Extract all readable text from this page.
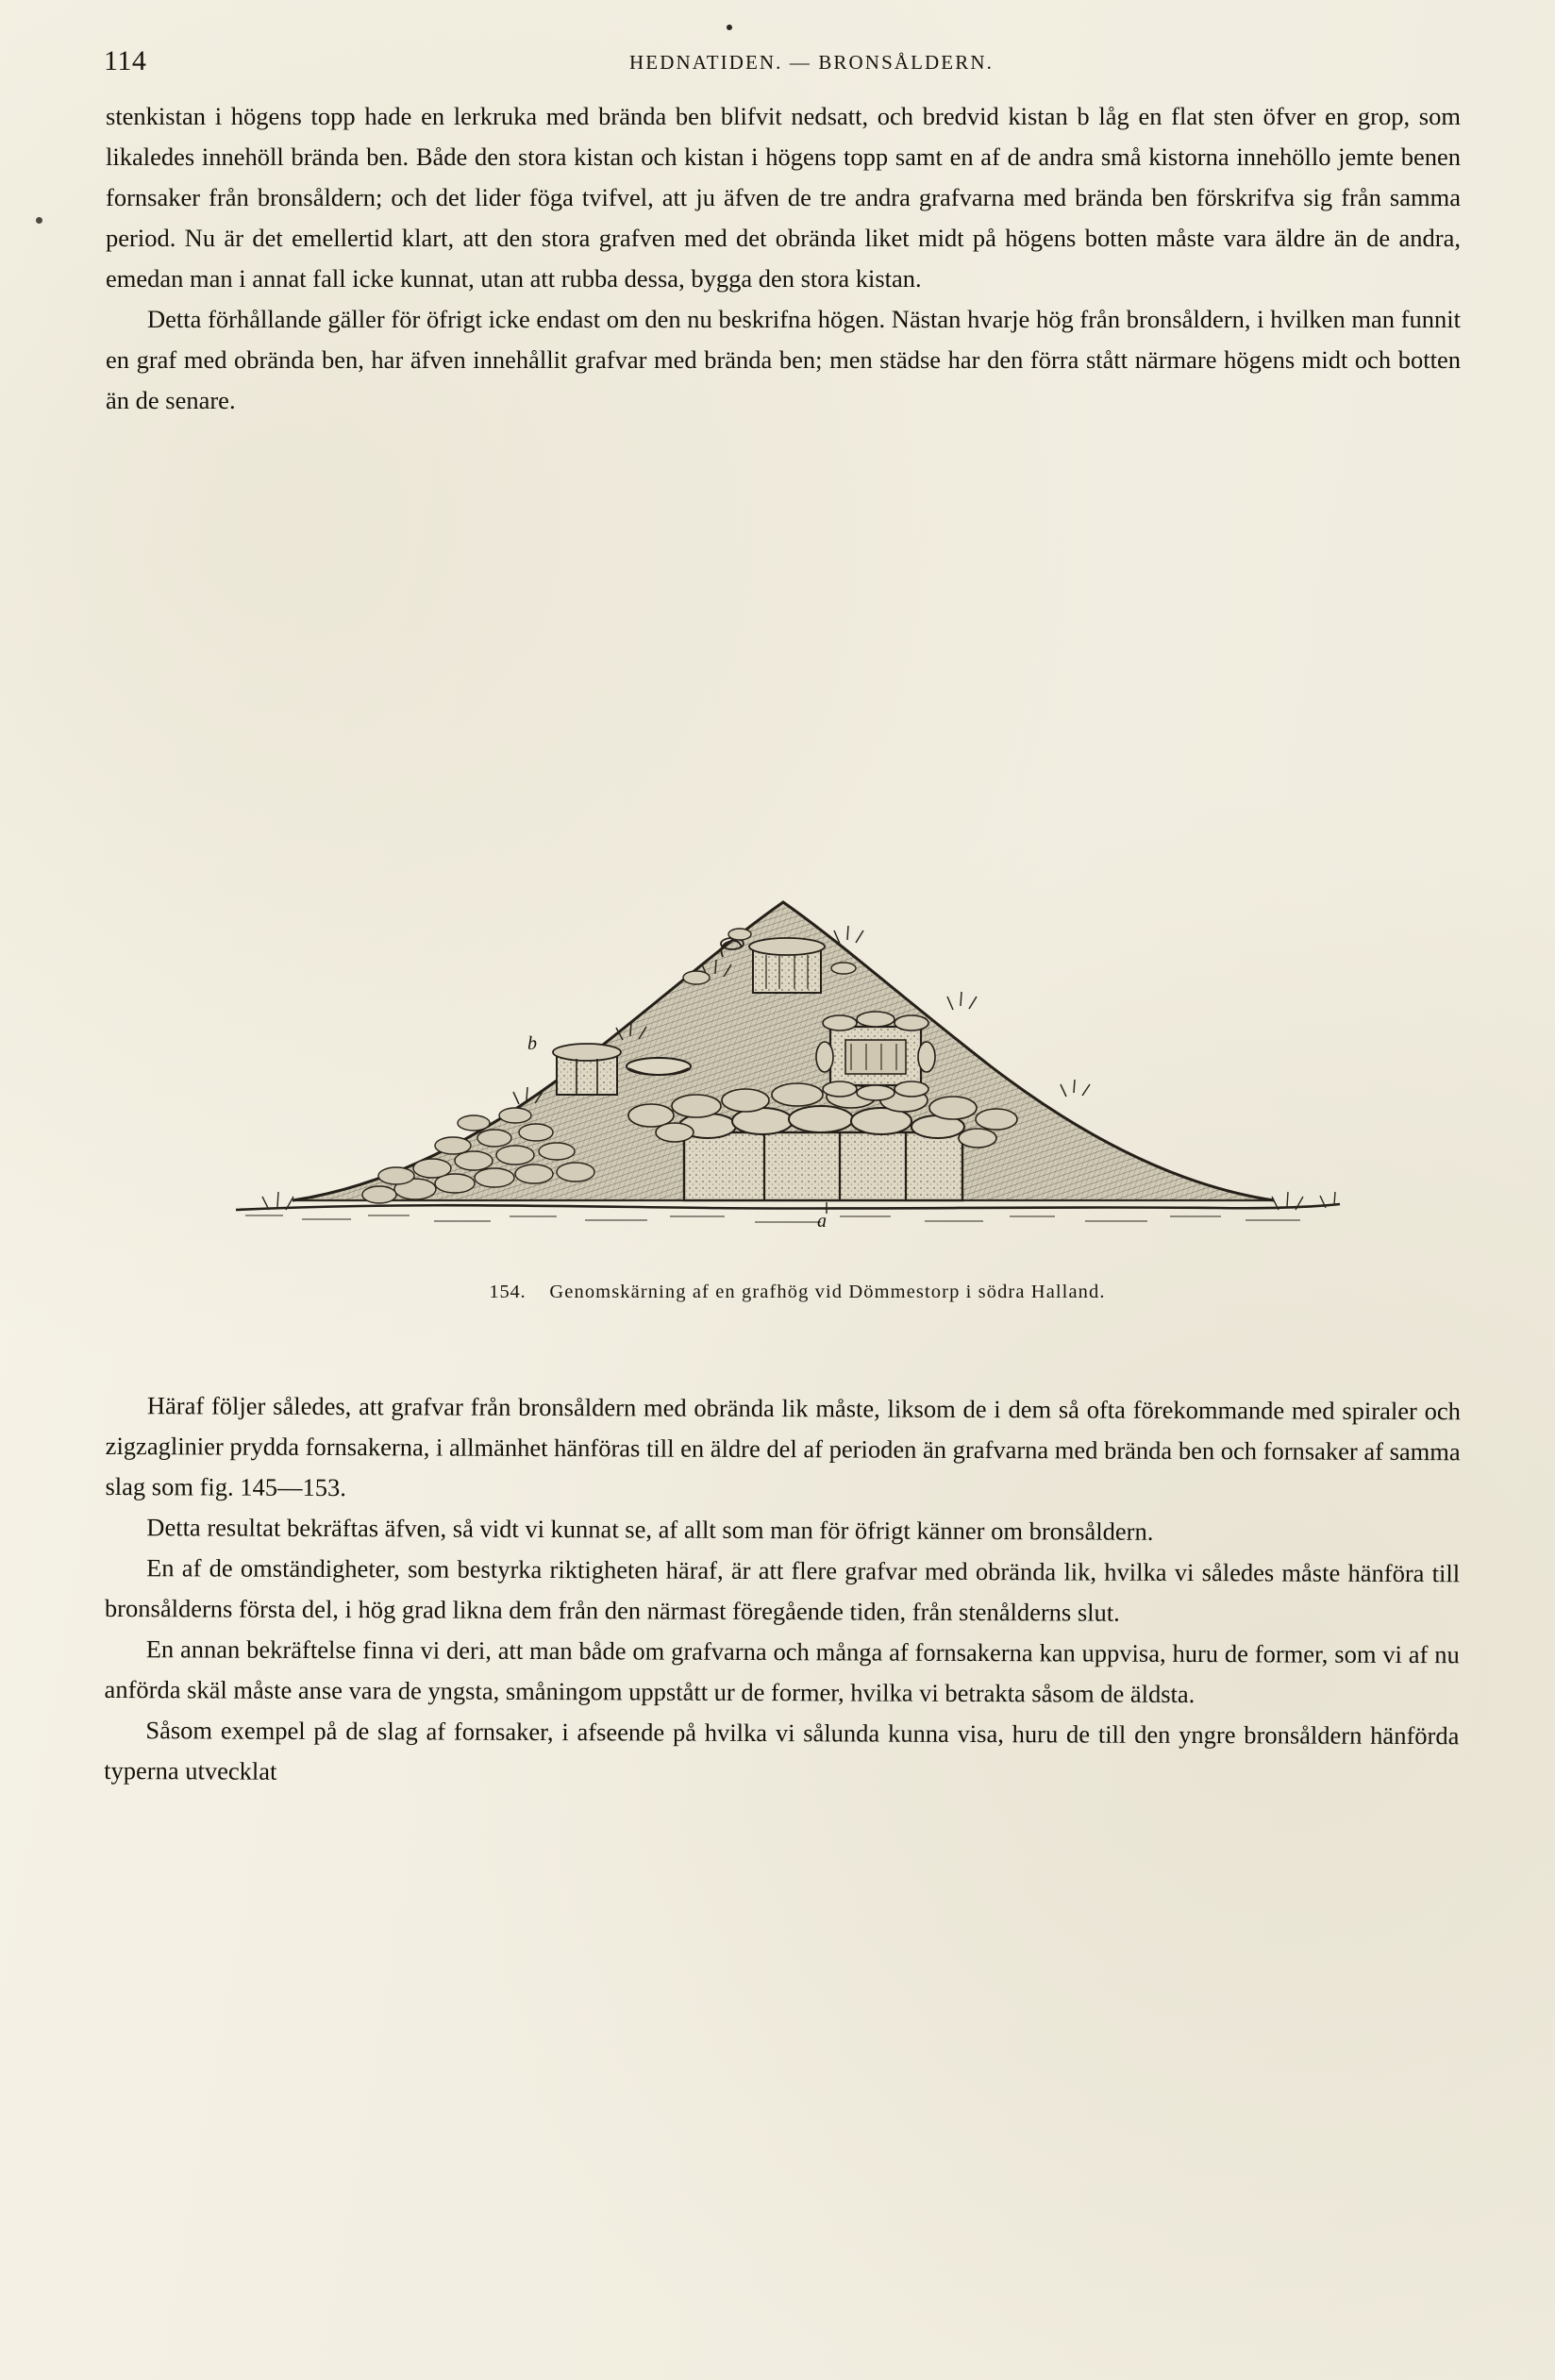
114	HEDNATIDEN. — BRONSÅLDERN.

stenkistan i högens topp hade en lerkruka med brända ben blifvit nedsatt, och bredvid kistan b låg en flat sten öfver en grop, som likaledes innehöll brända ben. Både den stora kistan och kistan i högens topp samt en af de andra små kistorna innehöllo jemte benen fornsaker från bronsåldern; och det lider föga tvifvel, att ju äfven de tre andra grafvarna med brända ben förskrifva sig från samma period. Nu är det emellertid klart, att den stora grafven med det obrända liket midt på högens botten måste vara äldre än de andra, emedan man i annat fall icke kunnat, utan att rubba dessa, bygga den stora kistan.

Detta förhållande gäller för öfrigt icke endast om den nu beskrifna högen. Nästan hvarje hög från bronsåldern, i hvilken man funnit en graf med obrända ben, har äfven innehållit grafvar med brända ben; men städse har den förra stått närmare högens midt och botten än de senare.

b
a
154. Genomskärning af en grafhög vid Dömmestorp i södra Halland.

Häraf följer således, att grafvar från bronsåldern med obrända lik måste, liksom de i dem så ofta förekommande med spiraler och zigzaglinier prydda fornsakerna, i allmänhet hänföras till en äldre del af perioden än grafvarna med brända ben och fornsaker af samma slag som fig. 145—153.

Detta resultat bekräftas äfven, så vidt vi kunnat se, af allt som man för öfrigt känner om bronsåldern.

En af de omständigheter, som bestyrka riktigheten häraf, är att flere grafvar med obrända lik, hvilka vi således måste hänföra till bronsålderns första del, i hög grad likna dem från den närmast föregående tiden, från stenålderns slut.

En annan bekräftelse finna vi deri, att man både om grafvarna och många af fornsakerna kan uppvisa, huru de former, som vi af nu anförda skäl måste anse vara de yngsta, småningom uppstått ur de former, hvilka vi betrakta såsom de äldsta.

Såsom exempel på de slag af fornsaker, i afseende på hvilka vi sålunda kunna visa, huru de till den yngre bronsåldern hänförda typerna utvecklat
